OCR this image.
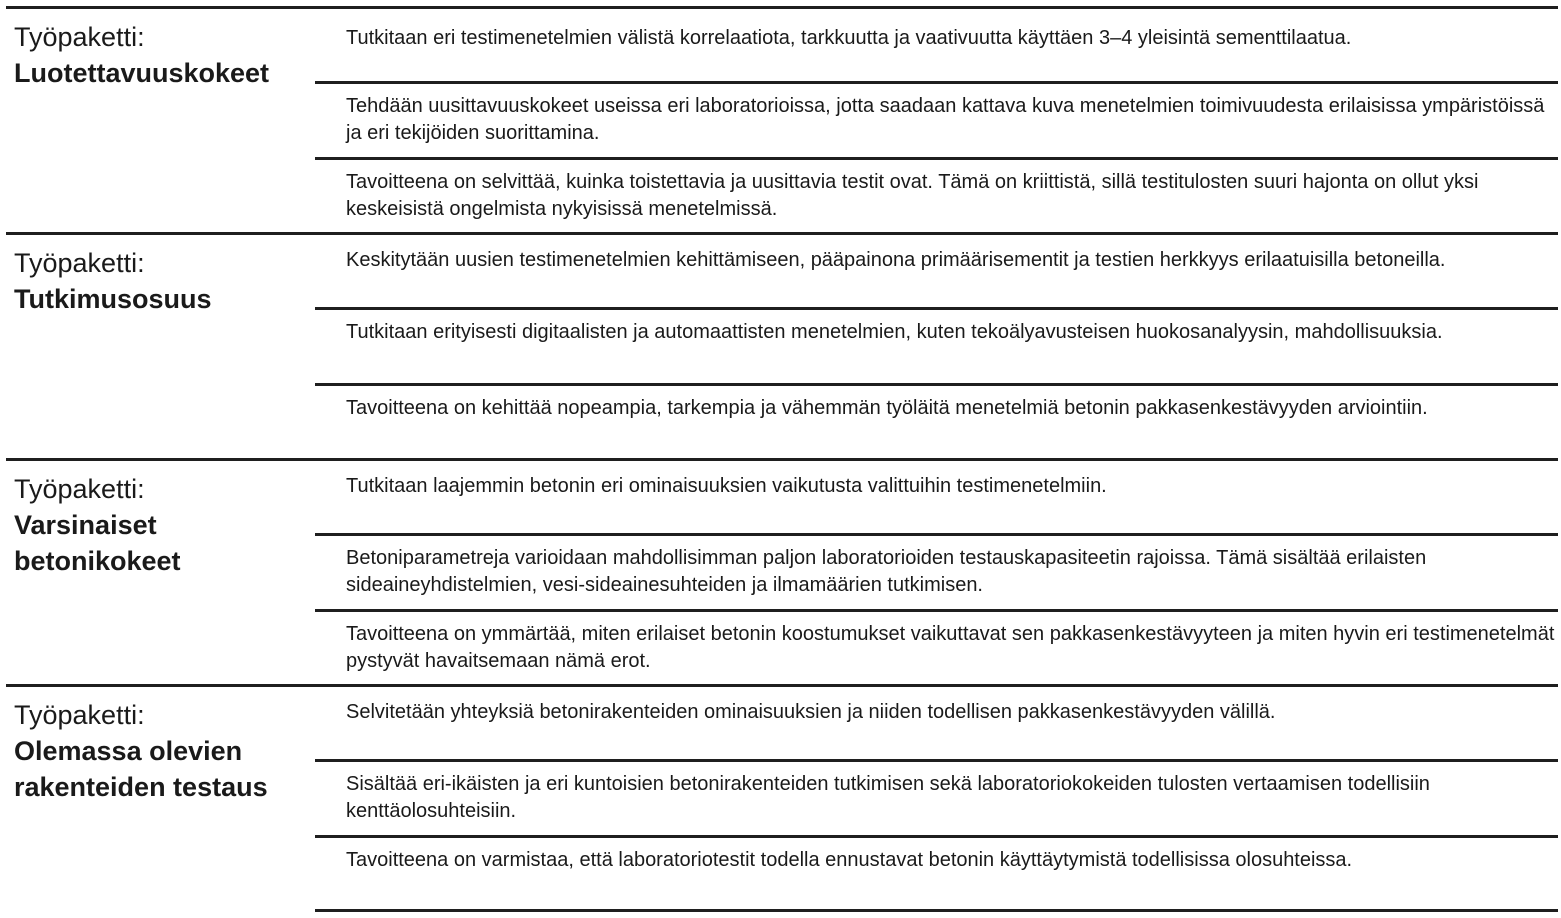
Työpaketti:
Luotettavuuskokeet
Tutkitaan eri testimenetelmien välistä korrelaatiota, tarkkuutta ja vaativuutta käyttäen 3–4 yleisintä sementtilaatua.
Tehdään uusittavuuskokeet useissa eri laboratorioissa, jotta saadaan kattava kuva menetelmien toimivuudesta erilaisissa ympäristöissä ja eri tekijöiden suorittamina.
Tavoitteena on selvittää, kuinka toistettavia ja uusittavia testit ovat. Tämä on kriittistä, sillä testitulosten suuri hajonta on ollut yksi keskeisistä ongelmista nykyisissä menetelmissä.
Työpaketti:
Tutkimusosuus
Keskitytään uusien testimenetelmien kehittämiseen, pääpainona primäärisementit ja testien herkkyys erilaatuisilla betoneilla.
Tutkitaan erityisesti digitaalisten ja automaattisten menetelmien, kuten tekoälyavusteisen huokosanalyysin, mahdollisuuksia.
Tavoitteena on kehittää nopeampia, tarkempia ja vähemmän työläitä menetelmiä betonin pakkasenkestävyyden arviointiin.
Työpaketti:
Varsinaiset betonikokeet
Tutkitaan laajemmin betonin eri ominaisuuksien vaikutusta valittuihin testimenetelmiin.
Betoniparametreja varioidaan mahdollisimman paljon laboratorioiden testauskapasiteetin rajoissa. Tämä sisältää erilaisten sideaineyhdistelmien, vesi-sideainesuhteiden ja ilmamäärien tutkimisen.
Tavoitteena on ymmärtää, miten erilaiset betonin koostumukset vaikuttavat sen pakkasenkestävyyteen ja miten hyvin eri testimenetelmät pystyvät havaitsemaan nämä erot.
Työpaketti:
Olemassa olevien rakenteiden testaus
Selvitetään yhteyksiä betonirakenteiden ominaisuuksien ja niiden todellisen pakkasenkestävyyden välillä.
Sisältää eri-ikäisten ja eri kuntoisien betonirakenteiden tutkimisen sekä laboratoriokokeiden tulosten vertaamisen todellisiin kenttäolosuhteisiin.
Tavoitteena on varmistaa, että laboratoriotestit todella ennustavat betonin käyttäytymistä todellisissa olosuhteissa.
